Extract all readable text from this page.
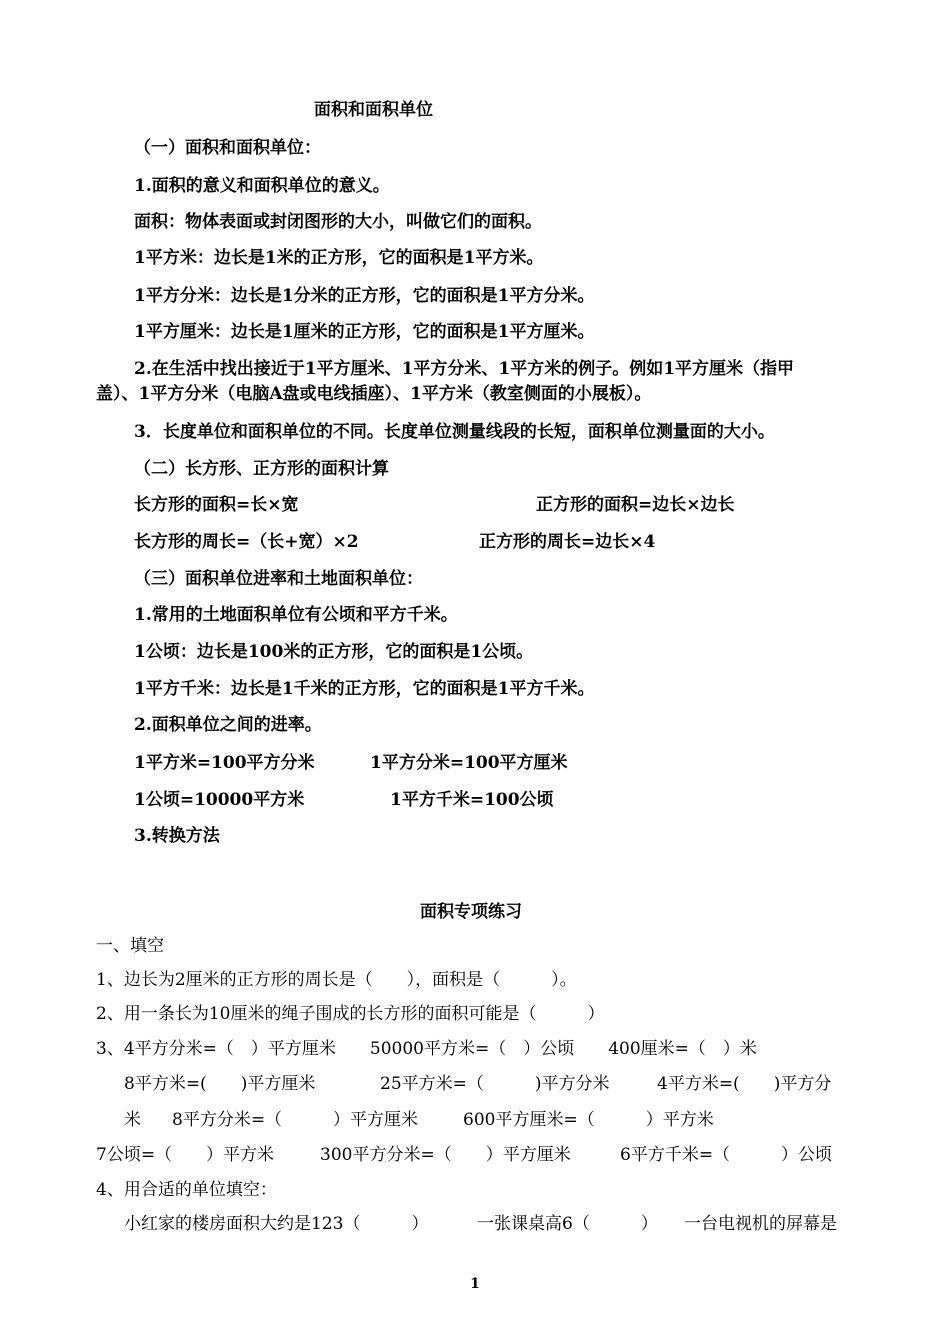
面积和面积单位
（一）面积和面积单位：
1.面积的意义和面积单位的意义。
面积：物体表面或封闭图形的大小，叫做它们的面积。
1平方米：边长是1米的正方形，它的面积是1平方米。
1平方分米：边长是1分米的正方形，它的面积是1平方分米。
1平方厘米：边长是1厘米的正方形，它的面积是1平方厘米。
2.在生活中找出接近于1平方厘米、1平方分米、1平方米的例子。例如1平方厘米（指甲
盖）、1平方分米（电脑A盘或电线插座）、1平方米（教室侧面的小展板）。
3．长度单位和面积单位的不同。长度单位测量线段的长短，面积单位测量面的大小。
（二）长方形、正方形的面积计算
长方形的面积=长×宽	正方形的面积=边长×边长
长方形的周长=（长+宽）×2	正方形的周长=边长×4
（三）面积单位进率和土地面积单位：
1.常用的土地面积单位有公顷和平方千米。
1公顷：边长是100米的正方形，它的面积是1公顷。
1平方千米：边长是1千米的正方形，它的面积是1平方千米。
2.面积单位之间的进率。
1平方米=100平方分米	1平方分米=100平方厘米
1公顷=10000平方米	1平方千米=100公顷
3.转换方法
面积专项练习
一、填空
1、边长为2厘米的正方形的周长是（　　），面积是（　　　）。
2、用一条长为10厘米的绳子围成的长方形的面积可能是（　　　）
3、4平方分米=（　）平方厘米　　50000平方米=（　）公顷　　400厘米=（　）米
8平方米=(　　)平方厘米	25平方米=（　　　)平方分米	4平方米=(　　)平方分
米 8平方分米=（　　　）平方厘米	600平方厘米=（　　　）平方米
7公顷=（　　）平方米	300平方分米=（　　）平方厘米	6平方千米=（　　　）公顷
4、用合适的单位填空：
小红家的楼房面积大约是123（　　　）	一张课桌高6（　　　） 一台电视机的屏幕是
1
